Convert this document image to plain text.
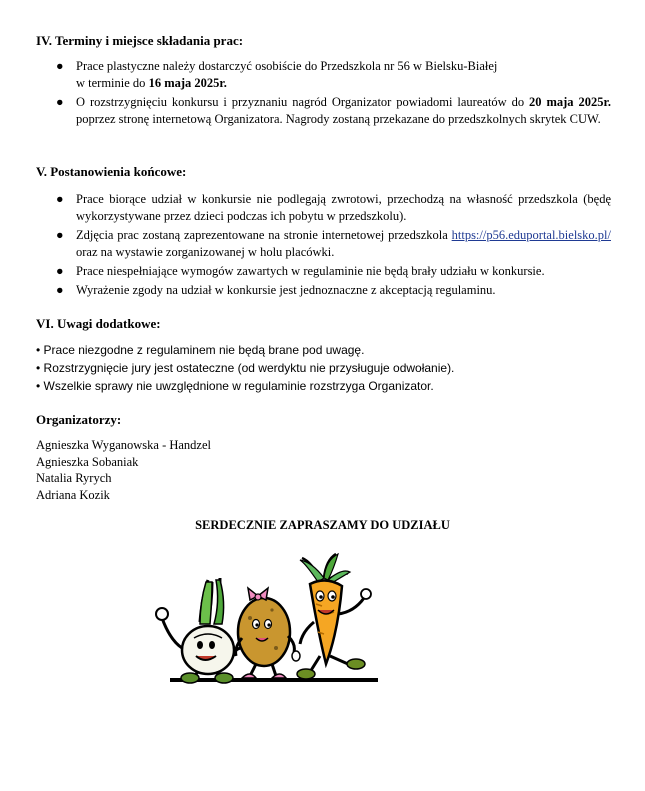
IV. Terminy i miejsce składania prac:

● Prace plastyczne należy dostarczyć osobiście do Przedszkola nr 56 w Bielsku-Białej
w terminie do 16 maja 2025r.
● O rozstrzygnięciu konkursu i przyznaniu nagród Organizator powiadomi laureatów do 20 maja 2025r. poprzez stronę internetową Organizatora. Nagrody zostaną przekazane do przedszkolnych skrytek CUW.

V. Postanowienia końcowe:

● Prace biorące udział w konkursie nie podlegają zwrotowi, przechodzą na własność przedszkola (będę wykorzystywane przez dzieci podczas ich pobytu w przedszkolu).
● Zdjęcia prac zostaną zaprezentowane na stronie internetowej przedszkola https://p56.eduportal.bielsko.pl/ oraz na wystawie zorganizowanej w holu placówki.
● Prace niespełniające wymogów zawartych w regulaminie nie będą brały udziału w konkursie.
● Wyrażenie zgody na udział w konkursie jest jednoznaczne z akceptacją regulaminu.

VI. Uwagi dodatkowe:

• Prace niezgodne z regulaminem nie będą brane pod uwagę.
• Rozstrzygnięcie jury jest ostateczne (od werdyktu nie przysługuje odwołanie).
• Wszelkie sprawy nie uwzględnione w regulaminie rozstrzyga Organizator.

Organizatorzy:

Agnieszka Wyganowska - Handzel
Agnieszka Sobaniak
Natalia Ryrych
Adriana Kozik

SERDECZNIE ZAPRASZAMY DO UDZIAŁU
